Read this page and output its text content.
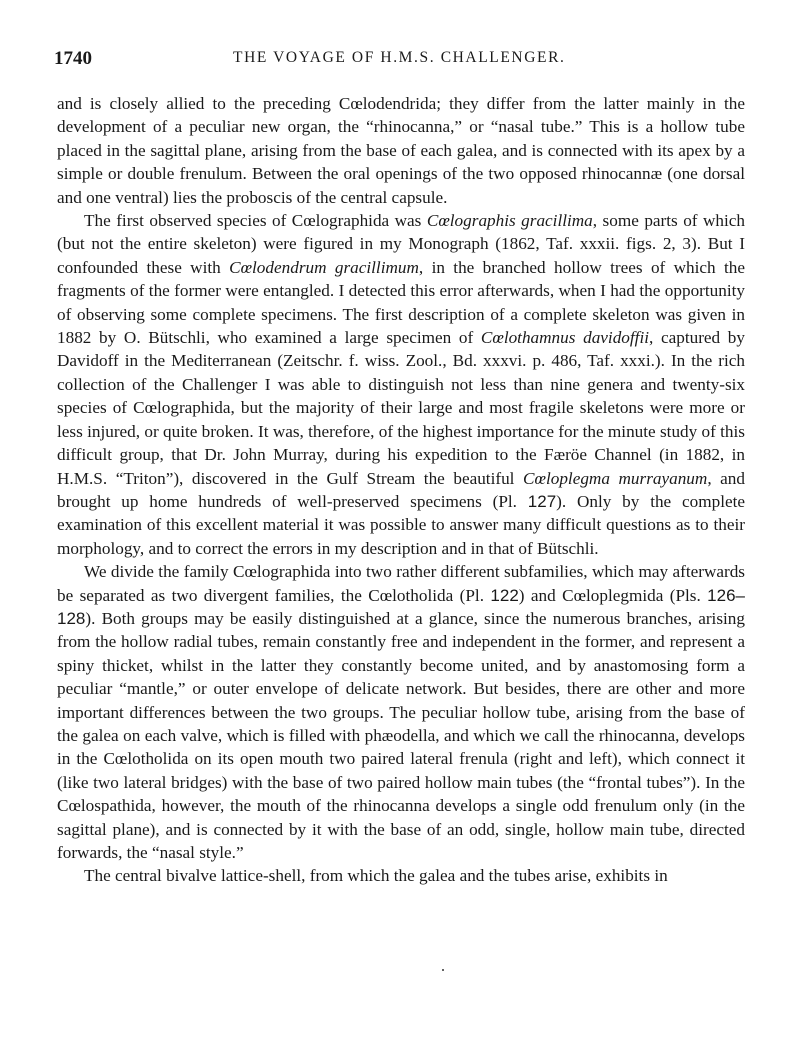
1740	THE VOYAGE OF H.M.S. CHALLENGER.

and is closely allied to the preceding Cœlodendrida; they differ from the latter mainly in the development of a peculiar new organ, the “rhinocanna,” or “nasal tube.” This is a hollow tube placed in the sagittal plane, arising from the base of each galea, and is connected with its apex by a simple or double frenulum. Between the oral openings of the two opposed rhinocannæ (one dorsal and one ventral) lies the proboscis of the central capsule.

The first observed species of Cœlographida was Cœlographis gracillima, some parts of which (but not the entire skeleton) were figured in my Monograph (1862, Taf. xxxii. figs. 2, 3). But I confounded these with Cœlodendrum gracillimum, in the branched hollow trees of which the fragments of the former were entangled. I detected this error afterwards, when I had the opportunity of observing some complete specimens. The first description of a complete skeleton was given in 1882 by O. Bütschli, who examined a large specimen of Cœlothamnus davidoffii, captured by Davidoff in the Mediterranean (Zeitschr. f. wiss. Zool., Bd. xxxvi. p. 486, Taf. xxxi.). In the rich collection of the Challenger I was able to distinguish not less than nine genera and twenty-six species of Cœlographida, but the majority of their large and most fragile skeletons were more or less injured, or quite broken. It was, therefore, of the highest importance for the minute study of this difficult group, that Dr. John Murray, during his expedition to the Færöe Channel (in 1882, in H.M.S. “Triton”), discovered in the Gulf Stream the beautiful Cœloplegma murrayanum, and brought up home hundreds of well-preserved specimens (Pl. 127). Only by the complete examination of this excellent material it was possible to answer many difficult questions as to their morphology, and to correct the errors in my description and in that of Bütschli.

We divide the family Cœlographida into two rather different subfamilies, which may afterwards be separated as two divergent families, the Cœlotholida (Pl. 122) and Cœloplegmida (Pls. 126–128). Both groups may be easily distinguished at a glance, since the numerous branches, arising from the hollow radial tubes, remain constantly free and independent in the former, and represent a spiny thicket, whilst in the latter they constantly become united, and by anastomosing form a peculiar “mantle,” or outer envelope of delicate network. But besides, there are other and more important differences between the two groups. The peculiar hollow tube, arising from the base of the galea on each valve, which is filled with phæodella, and which we call the rhinocanna, develops in the Cœlotholida on its open mouth two paired lateral frenula (right and left), which connect it (like two lateral bridges) with the base of two paired hollow main tubes (the “frontal tubes”). In the Cœlospathida, however, the mouth of the rhinocanna develops a single odd frenulum only (in the sagittal plane), and is connected by it with the base of an odd, single, hollow main tube, directed forwards, the “nasal style.”

The central bivalve lattice-shell, from which the galea and the tubes arise, exhibits in
